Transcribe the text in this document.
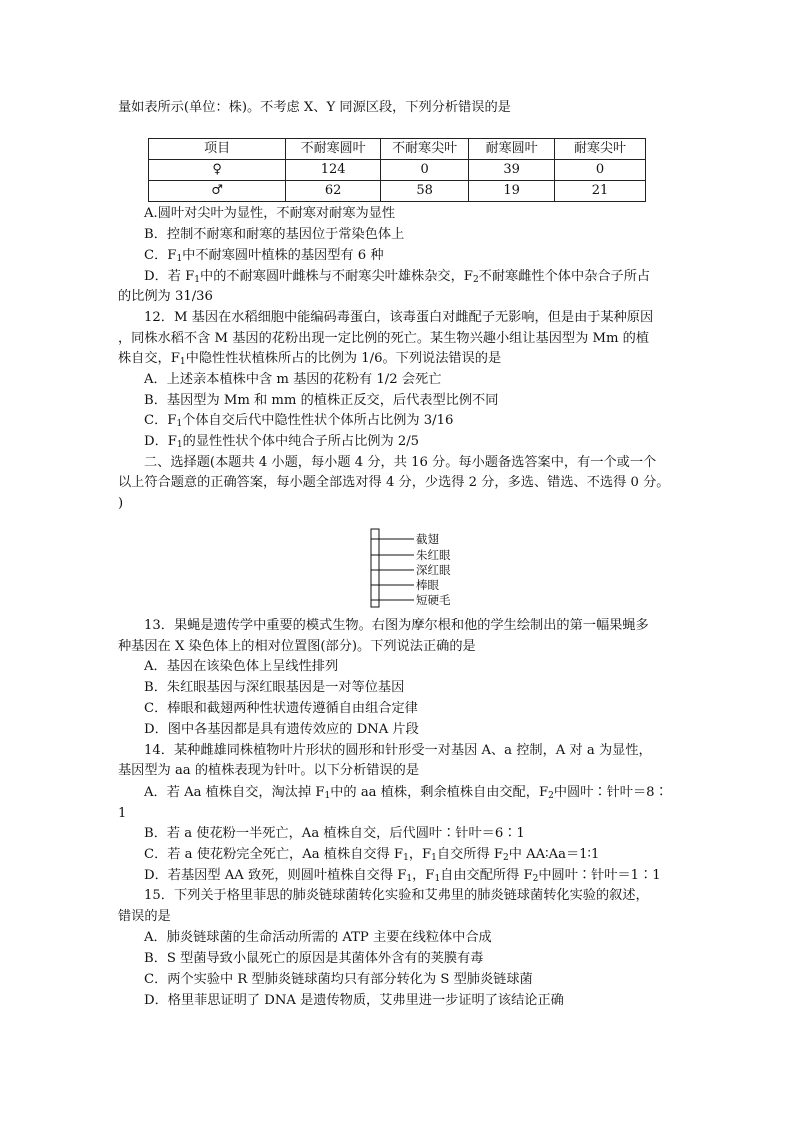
量如表所示(单位：株)。不考虑 X、Y 同源区段，下列分析错误的是
项目	不耐寒圆叶	不耐寒尖叶	耐寒圆叶	耐寒尖叶
♀	124	0	39	0
♂	62	58	19	21
A.圆叶对尖叶为显性，不耐寒对耐寒为显性
B．控制不耐寒和耐寒的基因位于常染色体上
C．$F_1$中不耐寒圆叶植株的基因型有 6 种
D．若 $F_1$中的不耐寒圆叶雌株与不耐寒尖叶雄株杂交，$F_2$不耐寒雌性个体中杂合子所占
的比例为 31/36
12．M 基因在水稻细胞中能编码毒蛋白，该毒蛋白对雌配子无影响，但是由于某种原因
，同株水稻不含 M 基因的花粉出现一定比例的死亡。某生物兴趣小组让基因型为 Mm 的植
株自交，$F_1$中隐性性状植株所占的比例为 1/6。下列说法错误的是
A．上述亲本植株中含 m 基因的花粉有 1/2 会死亡
B．基因型为 Mm 和 mm 的植株正反交，后代表型比例不同
C．$F_1$个体自交后代中隐性性状个体所占比例为 3/16
D．$F_1$的显性性状个体中纯合子所占比例为 2/5
二、选择题(本题共 4 小题，每小题 4 分，共 16 分。每小题备选答案中，有一个或一个
以上符合题意的正确答案，每小题全部选对得 4 分，少选得 2 分，多选、错选、不选得 0 分。
)
截翅
朱红眼
深红眼
棒眼
短硬毛
13．果蝇是遗传学中重要的模式生物。右图为摩尔根和他的学生绘制出的第一幅果蝇多
种基因在 X 染色体上的相对位置图(部分)。下列说法正确的是
A．基因在该染色体上呈线性排列
B．朱红眼基因与深红眼基因是一对等位基因
C．棒眼和截翅两种性状遗传遵循自由组合定律
D．图中各基因都是具有遗传效应的 DNA 片段
14．某种雌雄同株植物叶片形状的圆形和针形受一对基因 A、a 控制，A 对 a 为显性，
基因型为 aa 的植株表现为针叶。以下分析错误的是
A．若 Aa 植株自交，淘汰掉 $F_1$中的 aa 植株，剩余植株自由交配，$F_2$中圆叶∶针叶＝8∶
1
B．若 a 使花粉一半死亡，Aa 植株自交，后代圆叶∶针叶＝6∶1
C．若 a 使花粉完全死亡，Aa 植株自交得 $F_1$，$F_1$自交所得 $F_2$中 AA∶Aa＝1∶1
D．若基因型 AA 致死，则圆叶植株自交得 $F_1$，$F_1$自由交配所得 $F_2$中圆叶∶针叶＝1∶1
15．下列关于格里菲思的肺炎链球菌转化实验和艾弗里的肺炎链球菌转化实验的叙述，
错误的是
A．肺炎链球菌的生命活动所需的 ATP 主要在线粒体中合成
B．S 型菌导致小鼠死亡的原因是其菌体外含有的荚膜有毒
C．两个实验中 R 型肺炎链球菌均只有部分转化为 S 型肺炎链球菌
D．格里菲思证明了 DNA 是遗传物质，艾弗里进一步证明了该结论正确
